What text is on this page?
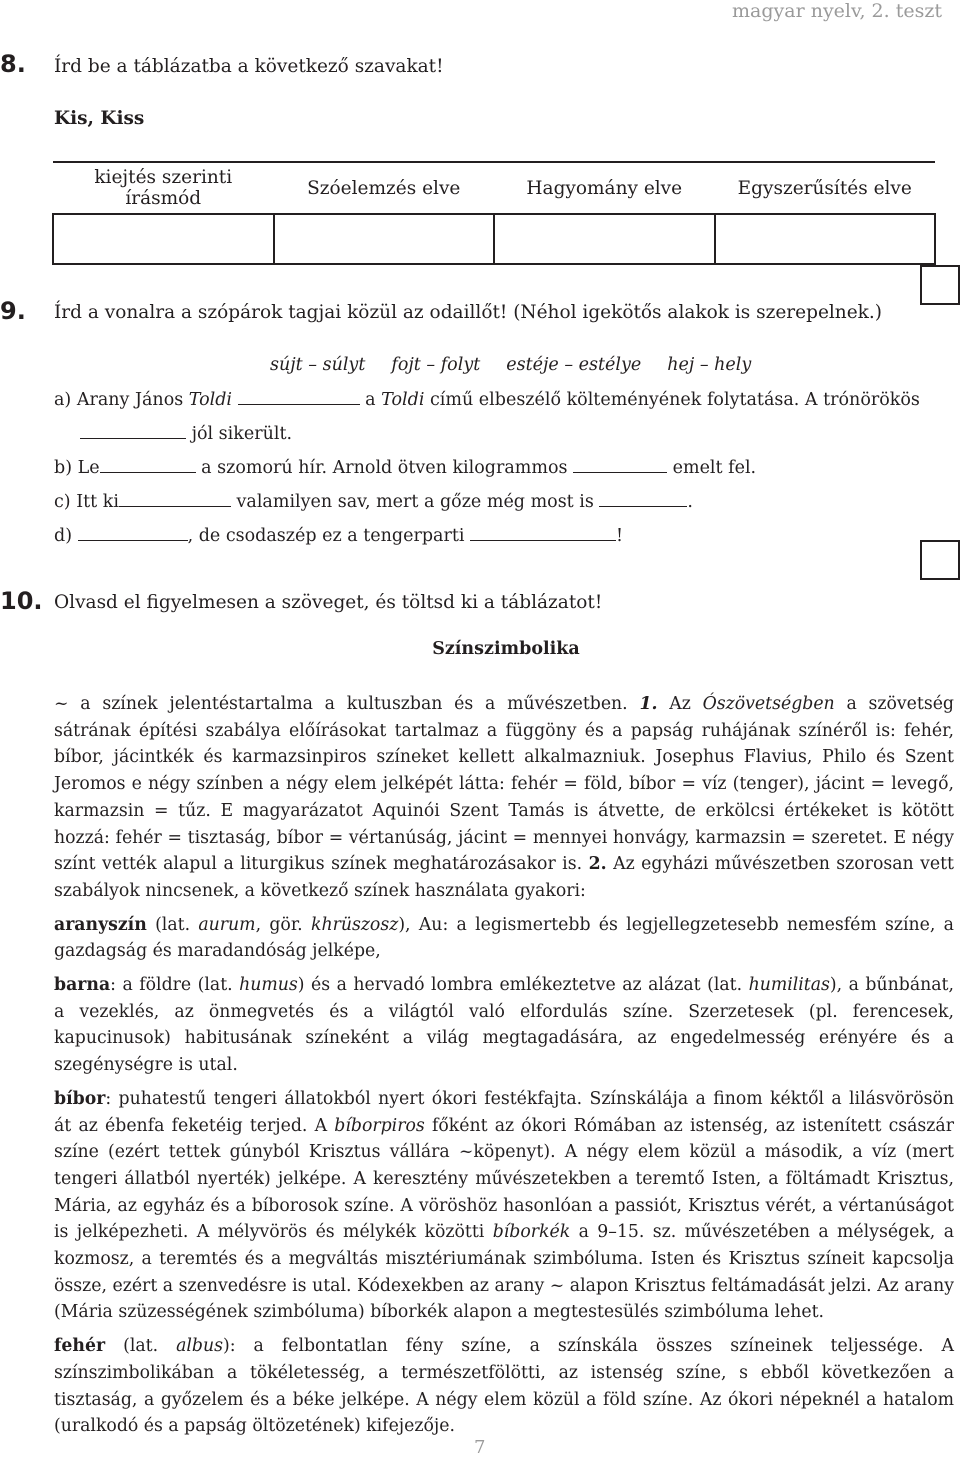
magyar nyelv, 2. teszt
8. Írd be a táblázatba a következő szavakat!
Kis, Kiss
kiejtés szerinti írásmód	Szóelemzés elve	Hagyomány elve	Egyszerűsítés elve

9. Írd a vonalra a szópárok tagjai közül az odaillőt! (Néhol igekötős alakok is szerepelnek.)
sújt – súlyt fojt – folyt estéje – estélye hej – hely
a) Arany János Toldi	a Toldi című elbeszélő költeményének folytatása. A trónörökös
jól sikerült.
b) Le	a szomorú hír. Arnold ötven kilogrammos	emelt fel.
c) Itt ki	valamilyen sav, mert a gőze még most is	.
d)	, de csodaszép ez a tengerparti	!
10. Olvasd el figyelmesen a szöveget, és töltsd ki a táblázatot!
Színszimbolika

~ a színek jelentéstartalma a kultuszban és a művészetben. 1. Az Ószövetségben a szövetség sátrának építési szabálya előírásokat tartalmaz a függöny és a papság ruhájának színéről is: fehér, bíbor, jácintkék és karmazsinpiros színeket kellett alkalmazniuk. Josephus Flavius, Philo és Szent Jeromos e négy színben a négy elem jelképét látta: fehér = föld, bíbor = víz (tenger), jácint = levegő, karmazsin = tűz. E magyarázatot Aquinói Szent Tamás is átvette, de erkölcsi értékeket is kötött hozzá: fehér = tisztaság, bíbor = vértanúság, jácint = mennyei honvágy, karmazsin = szeretet. E négy színt vették alapul a liturgikus színek meghatározásakor is. 2. Az egyházi művészetben szorosan vett szabályok nincsenek, a következő színek használata gyakori:

aranyszín (lat. aurum, gör. khrüszosz), Au: a legismertebb és legjellegzetesebb nemesfém színe, a gazdagság és maradandóság jelképe,

barna: a földre (lat. humus) és a hervadó lombra emlékeztetve az alázat (lat. humilitas), a bűnbánat, a vezeklés, az önmegvetés és a világtól való elfordulás színe. Szerzetesek (pl. ferencesek, kapucinusok) habitusának színeként a világ megtagadására, az engedelmesség erényére és a szegénységre is utal.

bíbor: puhatestű tengeri állatokból nyert ókori festékfajta. Színskálája a finom kéktől a lilásvörösön át az ébenfa feketéig terjed. A bíborpiros főként az ókori Rómában az istenség, az istenített császár színe (ezért tettek gúnyból Krisztus vállára ~köpenyt). A négy elem közül a második, a víz (mert tengeri állatból nyerték) jelképe. A keresztény művészetekben a teremtő Isten, a föltámadt Krisztus, Mária, az egyház és a bíborosok színe. A vöröshöz hasonlóan a passiót, Krisztus vérét, a vértanúságot is jelképezheti. A mélyvörös és mélykék közötti bíborkék a 9–15. sz. művészetében a mélységek, a kozmosz, a teremtés és a megváltás misztériumának szimbóluma. Isten és Krisztus színeit kapcsolja össze, ezért a szenvedésre is utal. Kódexekben az arany ~ alapon Krisztus feltámadását jelzi. Az arany (Mária szüzességének szimbóluma) bíborkék alapon a megtestesülés szimbóluma lehet.

fehér (lat. albus): a felbontatlan fény színe, a színskála összes színeinek teljessége. A színszimbolikában a tökéletesség, a természetfölötti, az istenség színe, s ebből következően a tisztaság, a győzelem és a béke jelképe. A négy elem közül a föld színe. Az ókori népeknél a hatalom (uralkodó és a papság öltözetének) kifejezője.

7
